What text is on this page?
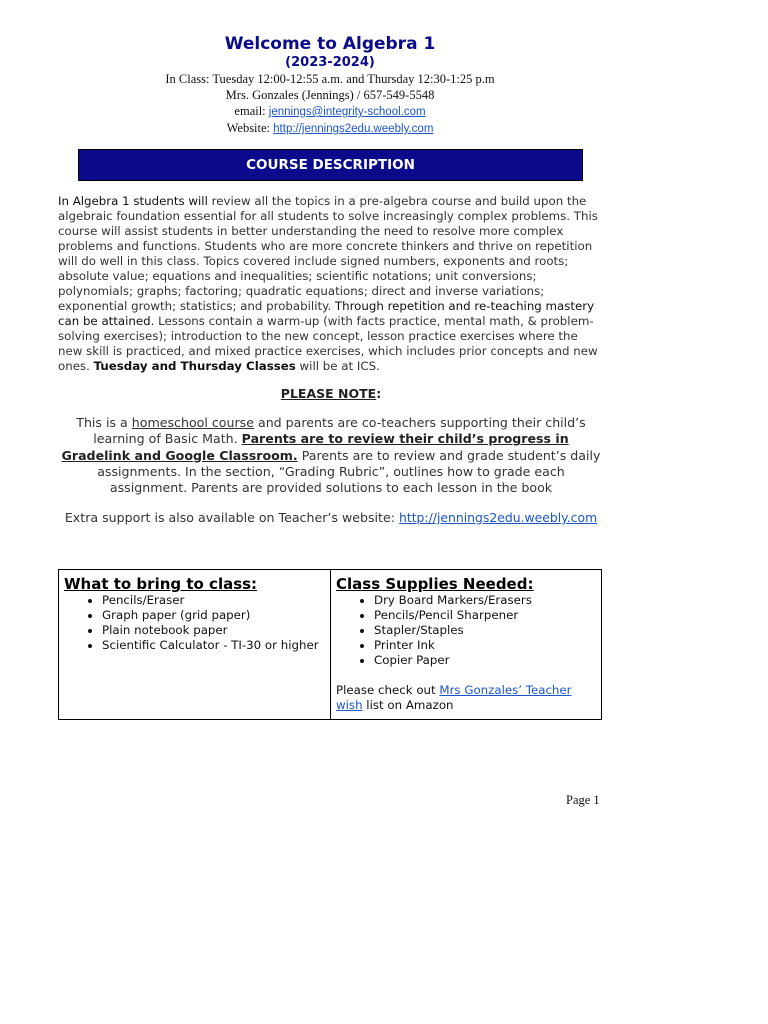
Welcome to Algebra 1
(2023-2024)
In Class: Tuesday 12:00-12:55 a.m. and Thursday 12:30-1:25 p.m
Mrs. Gonzales (Jennings) / 657-549-5548
email: jennings@integrity-school.com
Website: http://jennings2edu.weebly.com
COURSE DESCRIPTION
In Algebra 1 students will review all the topics in a pre-algebra course and build upon the algebraic foundation essential for all students to solve increasingly complex problems. This course will assist students in better understanding the need to resolve more complex problems and functions. Students who are more concrete thinkers and thrive on repetition will do well in this class. Topics covered include signed numbers, exponents and roots; absolute value; equations and inequalities; scientific notations; unit conversions; polynomials; graphs; factoring; quadratic equations; direct and inverse variations; exponential growth; statistics; and probability. Through repetition and re-teaching mastery can be attained. Lessons contain a warm-up (with facts practice, mental math, & problem-solving exercises); introduction to the new concept, lesson practice exercises where the new skill is practiced, and mixed practice exercises, which includes prior concepts and new ones. Tuesday and Thursday Classes will be at ICS.
PLEASE NOTE:
This is a homeschool course and parents are co-teachers supporting their child’s learning of Basic Math. Parents are to review their child’s progress in Gradelink and Google Classroom. Parents are to review and grade student’s daily assignments. In the section, “Grading Rubric”, outlines how to grade each assignment. Parents are provided solutions to each lesson in the book
Extra support is also available on Teacher’s website: http://jennings2edu.weebly.com
What to bring to class:
• Pencils/Eraser
• Graph paper (grid paper)
• Plain notebook paper
• Scientific Calculator - TI-30 or higher
Class Supplies Needed:
• Dry Board Markers/Erasers
• Pencils/Pencil Sharpener
• Stapler/Staples
• Printer Ink
• Copier Paper
Please check out Mrs Gonzales’ Teacher wish list on Amazon
Page 1
